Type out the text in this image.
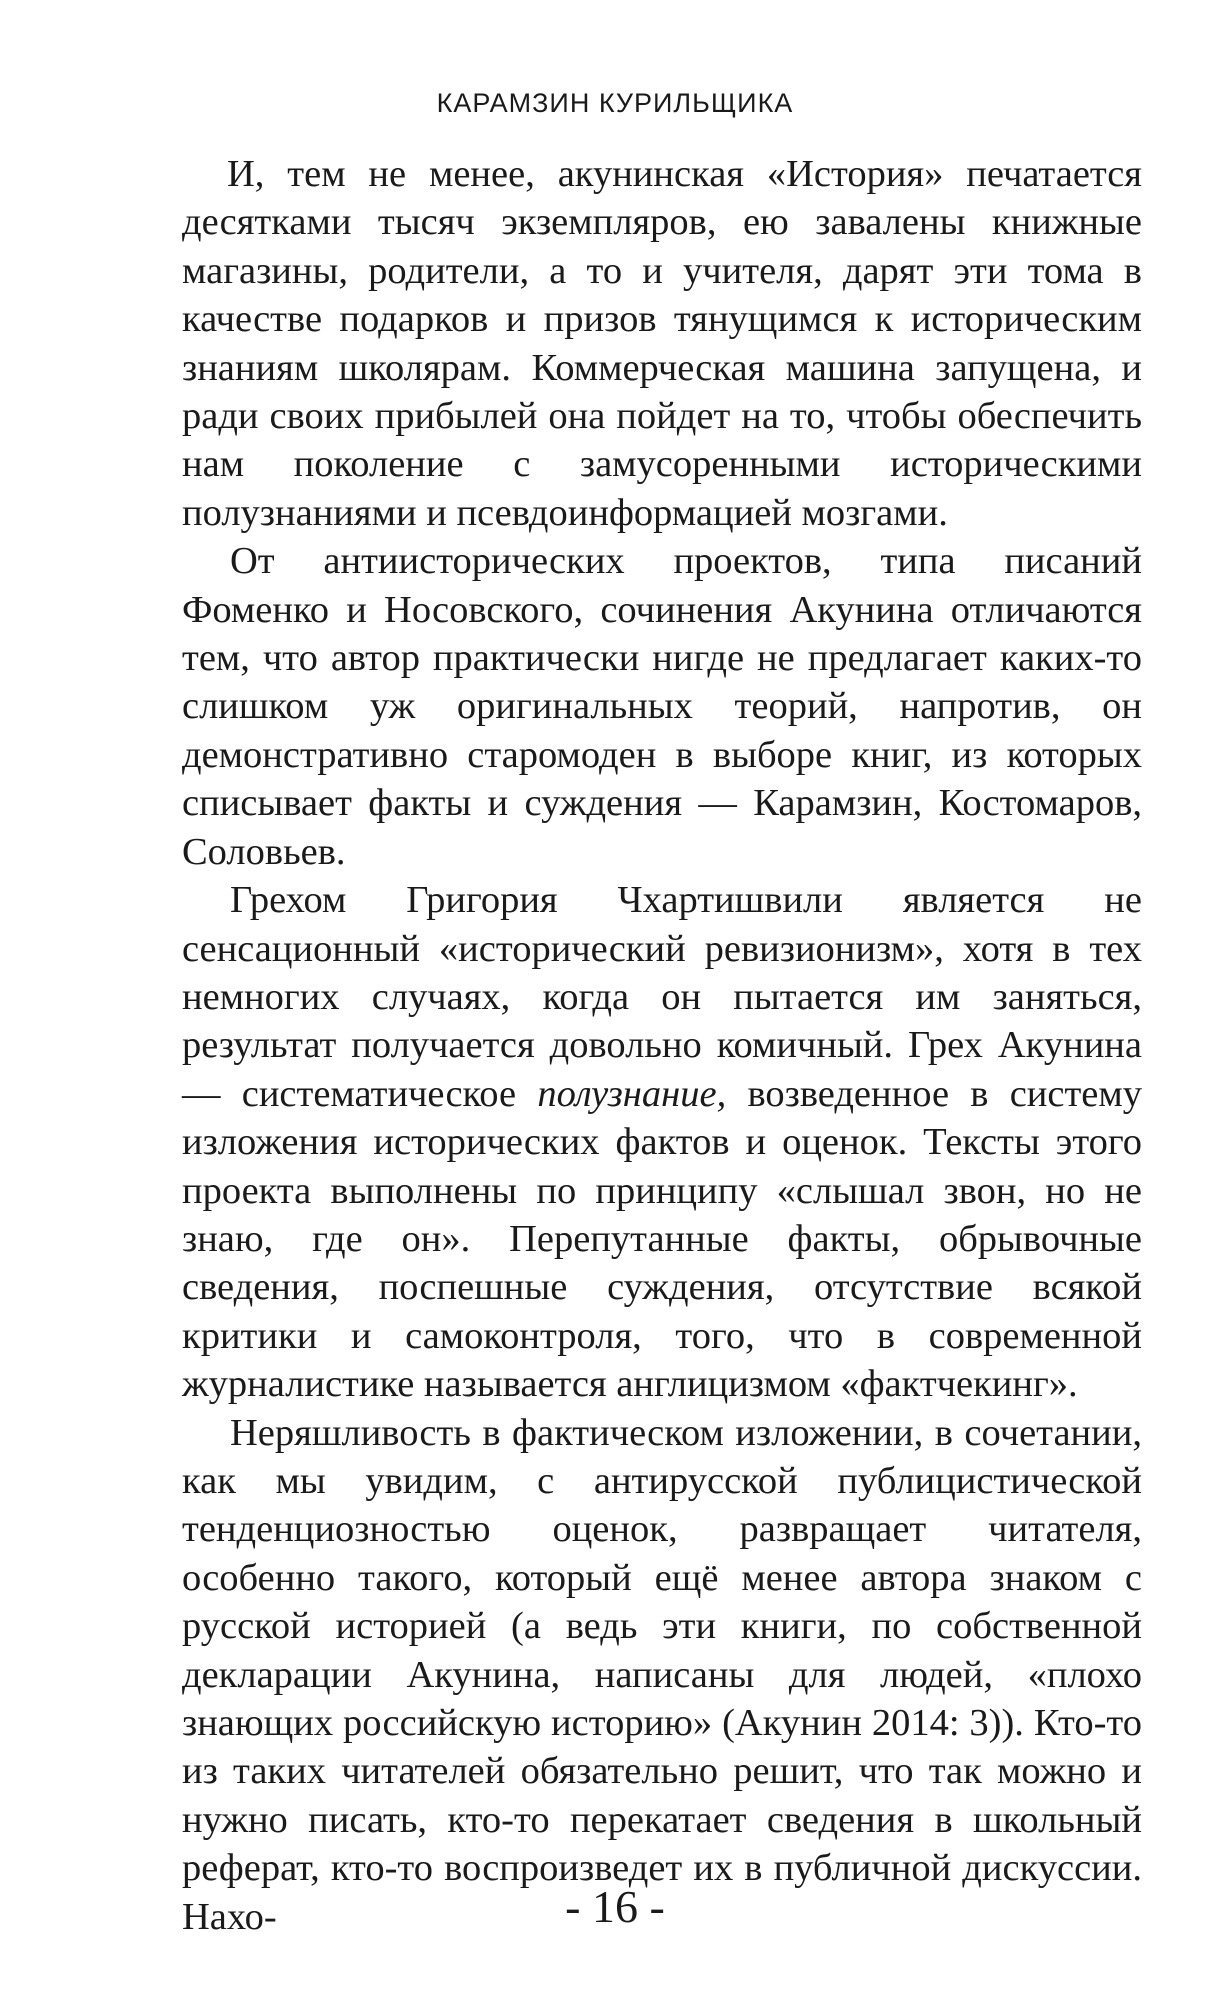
КАРАМЗИН КУРИЛЬЩИКА

И, тем не менее, акунинская «История» печатается десятками тысяч экземпляров, ею завалены книжные магазины, родители, а то и учителя, дарят эти тома в качестве подарков и призов тянущимся к историческим знаниям школярам. Коммерческая машина запущена, и ради своих прибылей она пойдет на то, чтобы обеспечить нам поколение с замусоренными историческими полузнаниями и псевдоинформацией мозгами.

От антиисторических проектов, типа писаний Фоменко и Носовского, сочинения Акунина отличаются тем, что автор практически нигде не предлагает каких-то слишком уж оригинальных теорий, напротив, он демонстративно старомоден в выборе книг, из которых списывает факты и суждения — Карамзин, Костомаров, Соловьев.

Грехом Григория Чхартишвили является не сенсационный «исторический ревизионизм», хотя в тех немногих случаях, когда он пытается им заняться, результат получается довольно комичный. Грех Акунина — систематическое полузнание, возведенное в систему изложения исторических фактов и оценок. Тексты этого проекта выполнены по принципу «слышал звон, но не знаю, где он». Перепутанные факты, обрывочные сведения, поспешные суждения, отсутствие всякой критики и самоконтроля, того, что в современной журналистике называется англицизмом «фактчекинг».

Неряшливость в фактическом изложении, в сочетании, как мы увидим, с антирусской публицистической тенденциозностью оценок, развращает читателя, особенно такого, который ещё менее автора знаком с русской историей (а ведь эти книги, по собственной декларации Акунина, написаны для людей, «плохо знающих российскую историю» (Акунин 2014: 3)). Кто-то из таких читателей обязательно решит, что так можно и нужно писать, кто-то перекатает сведения в школьный реферат, кто-то воспроизведет их в публичной дискуссии. Нахо-	- 16 -
